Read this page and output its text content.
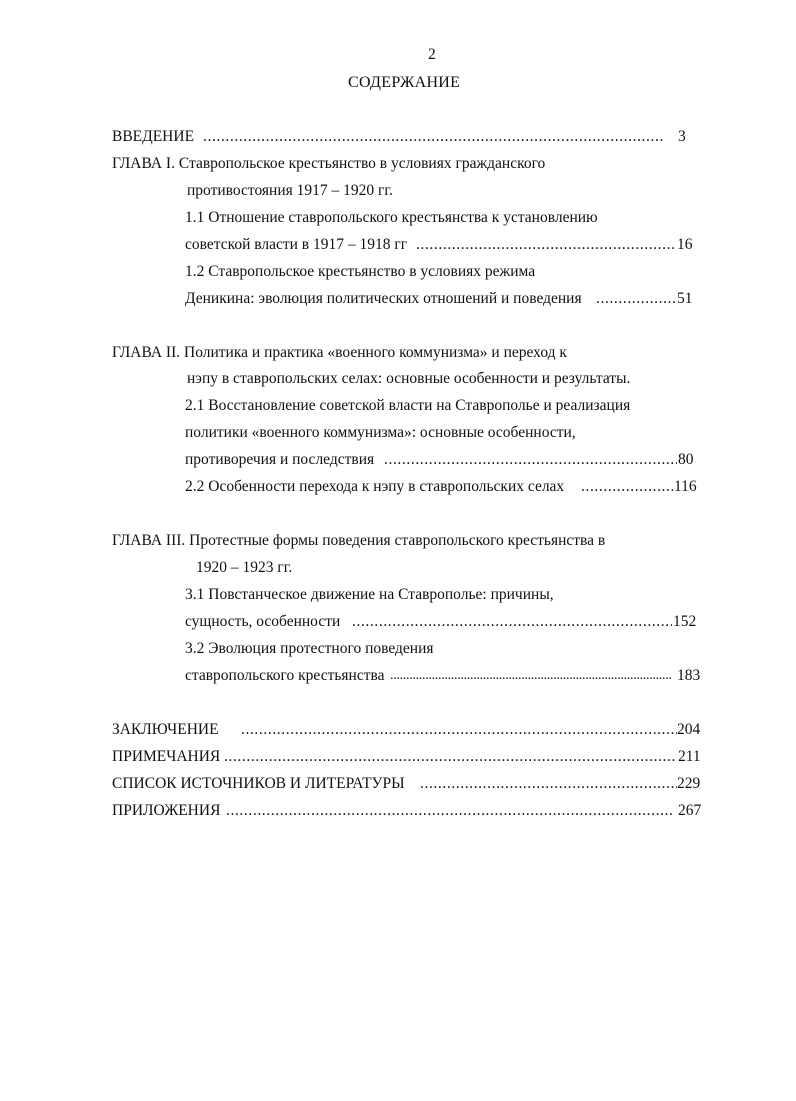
2
СОДЕРЖАНИЕ
ВВЕДЕНИЕ .....	3
ГЛАВА I. Ставропольское крестьянство в условиях гражданского
противостояния 1917 – 1920 гг.
1.1 Отношение ставропольского крестьянства к установлению
советской власти в 1917 – 1918 гг .....	16
1.2 Ставропольское крестьянство в условиях режима
Деникина: эволюция политических отношений и поведения .....	51
ГЛАВА II. Политика и практика «военного коммунизма» и переход к
нэпу в ставропольских селах: основные особенности и результаты.
2.1 Восстановление советской власти на Ставрополье и реализация
политики «военного коммунизма»: основные особенности,
противоречия и последствия .....	80
2.2 Особенности перехода к нэпу в ставропольских селах .....	116
ГЛАВА III. Протестные формы поведения ставропольского крестьянства в
1920 – 1923 гг.
3.1 Повстанческое движение на Ставрополье: причины,
сущность, особенности .....	152
3.2 Эволюция протестного поведения
ставропольского крестьянства .....	183
ЗАКЛЮЧЕНИЕ .....	204
ПРИМЕЧАНИЯ .....	211
СПИСОК ИСТОЧНИКОВ И ЛИТЕРАТУРЫ .....	229
ПРИЛОЖЕНИЯ .....	267
